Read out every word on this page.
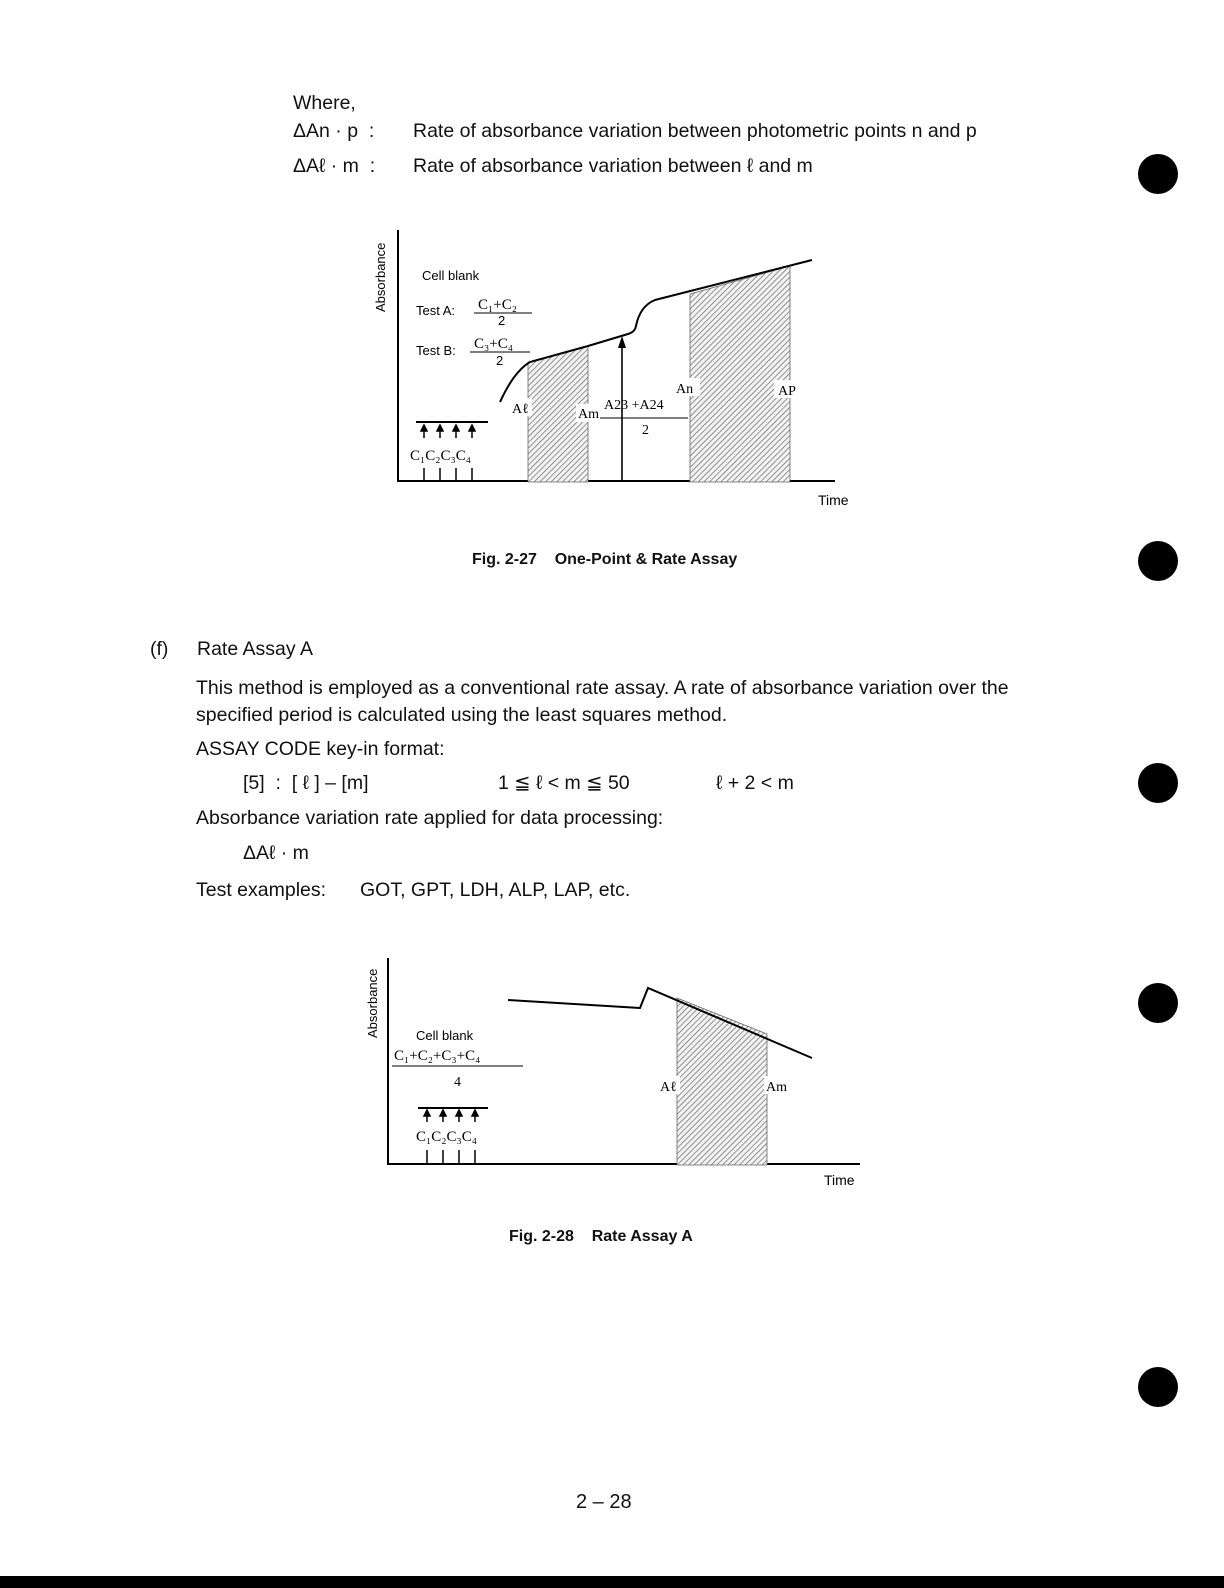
Where,
ΔAn · p  : Rate of absorbance variation between photometric points n and p
ΔAℓ · m  : Rate of absorbance variation between ℓ and m
Absorbance
Time
Cell blank
Test A: C₁+C₂
2
Test B: C₃+C₄
2
C₁C₂C₃C₄
Aℓ	Am
A23 +A24
2
An	AP
Fig. 2-27    One-Point & Rate Assay
(f) Rate Assay A
This method is employed as a conventional rate assay. A rate of absorbance variation over the specified period is calculated using the least squares method.
ASSAY CODE key-in format:
[5]  :  [ ℓ ] – [m]	1 ≦ ℓ < m ≦ 50	ℓ + 2 < m
Absorbance variation rate applied for data processing:
ΔAℓ · m
Test examples: GOT, GPT, LDH, ALP, LAP, etc.
Absorbance
Time
Cell blank
C₁+C₂+C₃+C₄
4
C₁C₂C₃C₄
Aℓ	Am
Fig. 2-28    Rate Assay A
2 – 28
